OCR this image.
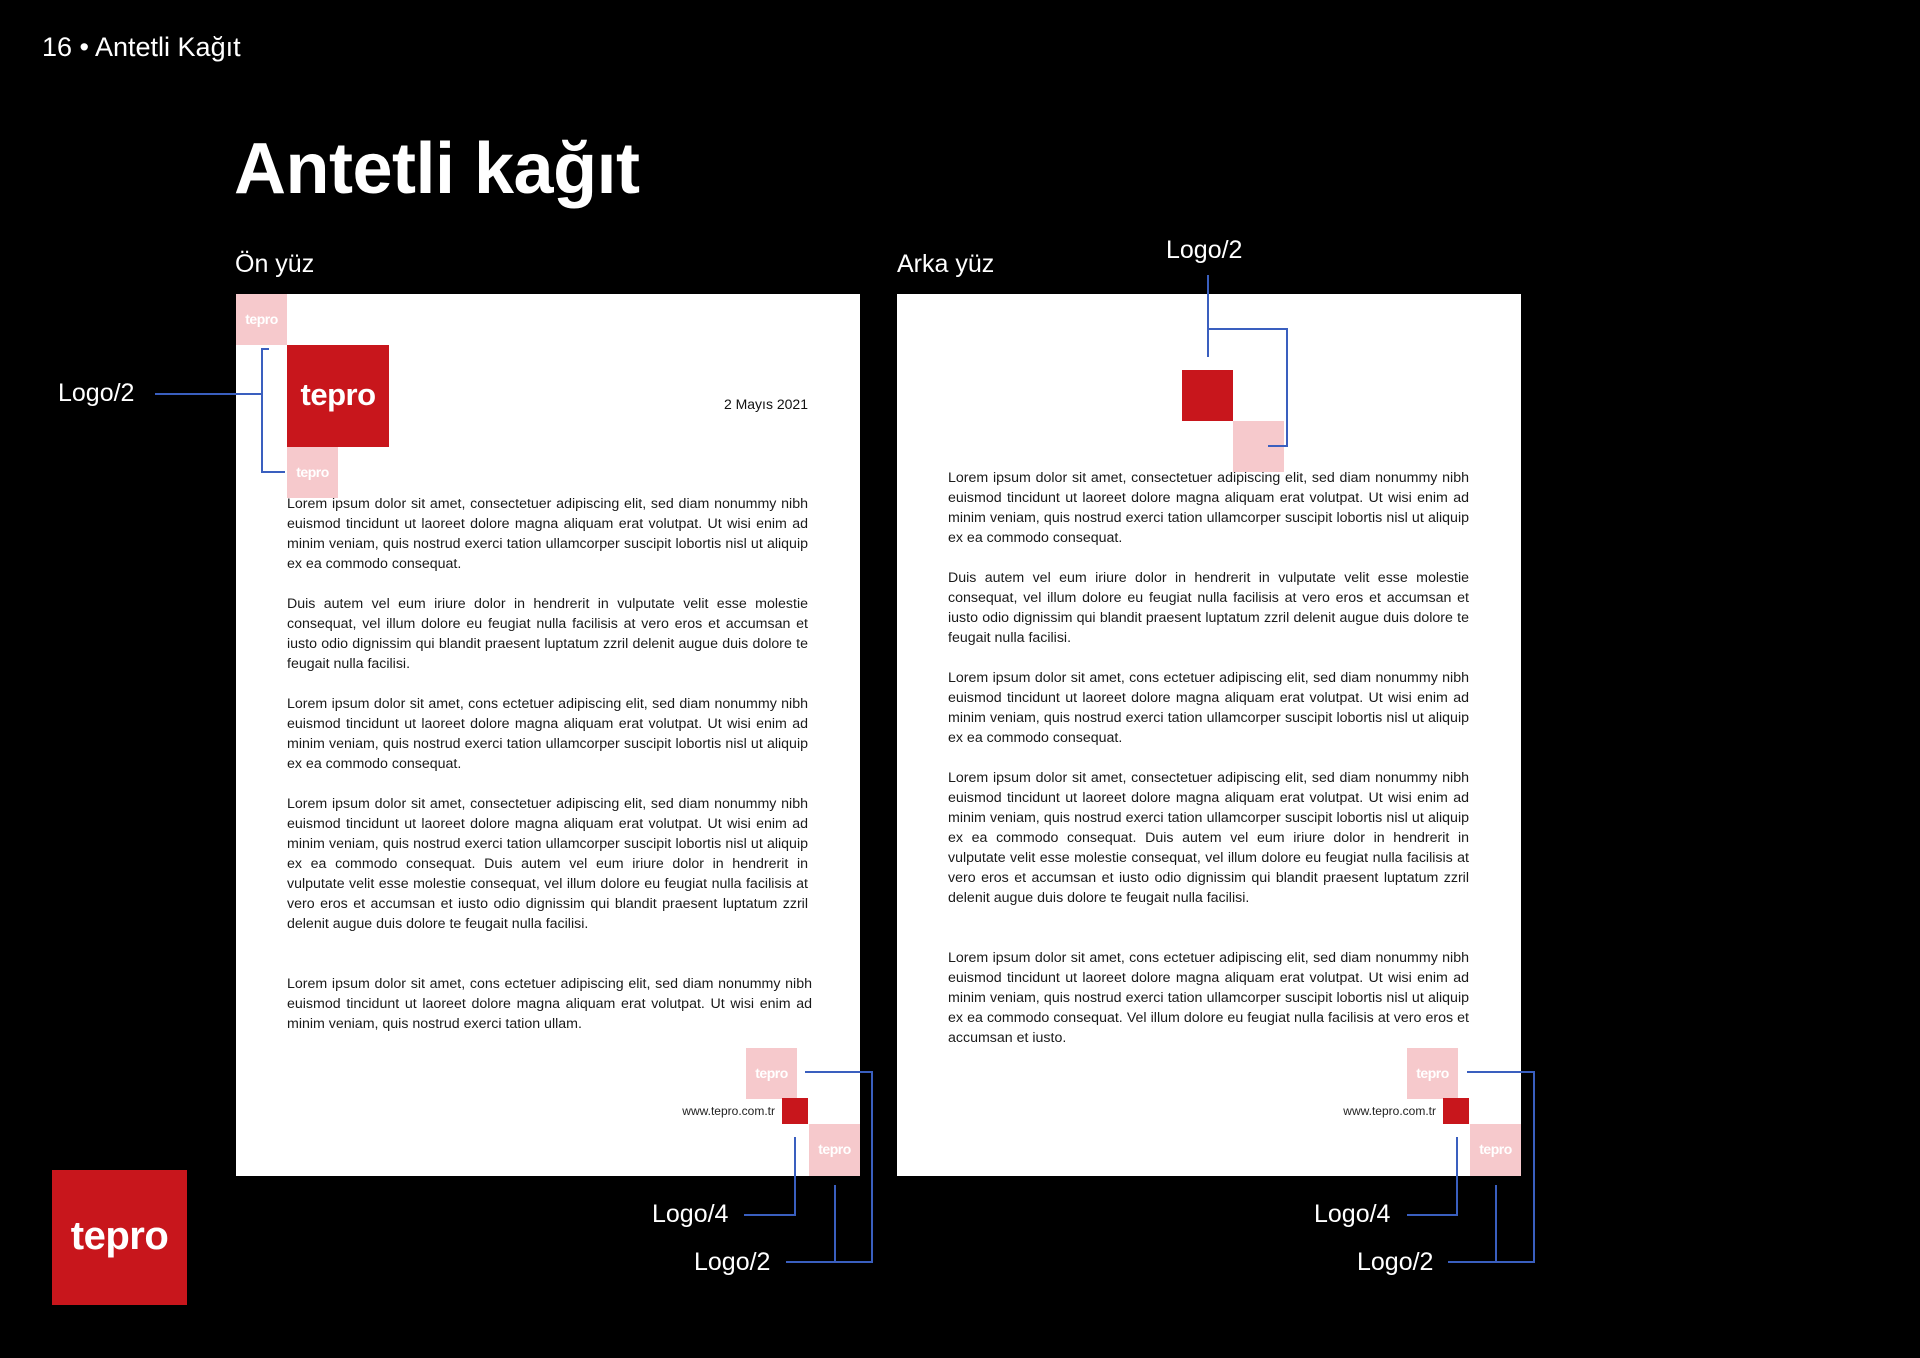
16 • Antetli Kağıt
Antetli kağıt
Ön yüz	Arka yüz
tepro
tepro
tepro
2 Mayıs 2021

Lorem ipsum dolor sit amet, consectetuer adipiscing elit, sed diam nonummy nibh euismod tincidunt ut laoreet dolore magna aliquam erat volutpat. Ut wisi enim ad minim veniam, quis nostrud exerci tation ullamcorper suscipit lobortis nisl ut aliquip ex ea commodo consequat.

Duis autem vel eum iriure dolor in hendrerit in vulputate velit esse molestie consequat, vel illum dolore eu feugiat nulla facilisis at vero eros et accumsan et iusto odio dignissim qui blandit praesent luptatum zzril delenit augue duis dolore te feugait nulla facilisi.

Lorem ipsum dolor sit amet, cons ectetuer adipiscing elit, sed diam nonummy nibh euismod tincidunt ut laoreet dolore magna aliquam erat volutpat. Ut wisi enim ad minim veniam, quis nostrud exerci tation ullamcorper suscipit lobortis nisl ut aliquip ex ea commodo consequat.

Lorem ipsum dolor sit amet, consectetuer adipiscing elit, sed diam nonummy nibh euismod tincidunt ut laoreet dolore magna aliquam erat volutpat. Ut wisi enim ad minim veniam, quis nostrud exerci tation ullamcorper suscipit lobortis nisl ut aliquip ex ea commodo consequat. Duis autem vel eum iriure dolor in hendrerit in vulputate velit esse molestie consequat, vel illum dolore eu feugiat nulla facilisis at vero eros et accumsan et iusto odio dignissim qui blandit praesent luptatum zzril delenit augue duis dolore te feugait nulla facilisi.

Lorem ipsum dolor sit amet, cons ectetuer adipiscing elit, sed diam nonummy nibh euismod tincidunt ut laoreet dolore magna aliquam erat volutpat. Ut wisi enim ad minim veniam, quis nostrud exerci tation ullam.

tepro
www.tepro.com.tr
tepro

Lorem ipsum dolor sit amet, consectetuer adipiscing elit, sed diam nonummy nibh euismod tincidunt ut laoreet dolore magna aliquam erat volutpat. Ut wisi enim ad minim veniam, quis nostrud exerci tation ullamcorper suscipit lobortis nisl ut aliquip ex ea commodo consequat.

Duis autem vel eum iriure dolor in hendrerit in vulputate velit esse molestie consequat, vel illum dolore eu feugiat nulla facilisis at vero eros et accumsan et iusto odio dignissim qui blandit praesent luptatum zzril delenit augue duis dolore te feugait nulla facilisi.

Lorem ipsum dolor sit amet, cons ectetuer adipiscing elit, sed diam nonummy nibh euismod tincidunt ut laoreet dolore magna aliquam erat volutpat. Ut wisi enim ad minim veniam, quis nostrud exerci tation ullamcorper suscipit lobortis nisl ut aliquip ex ea commodo consequat.

Lorem ipsum dolor sit amet, consectetuer adipiscing elit, sed diam nonummy nibh euismod tincidunt ut laoreet dolore magna aliquam erat volutpat. Ut wisi enim ad minim veniam, quis nostrud exerci tation ullamcorper suscipit lobortis nisl ut aliquip ex ea commodo consequat. Duis autem vel eum iriure dolor in hendrerit in vulputate velit esse molestie consequat, vel illum dolore eu feugiat nulla facilisis at vero eros et accumsan et iusto odio dignissim qui blandit praesent luptatum zzril delenit augue duis dolore te feugait nulla facilisi.

Lorem ipsum dolor sit amet, cons ectetuer adipiscing elit, sed diam nonummy nibh euismod tincidunt ut laoreet dolore magna aliquam erat volutpat. Ut wisi enim ad minim veniam, quis nostrud exerci tation ullamcorper suscipit lobortis nisl ut aliquip ex ea commodo consequat. Vel illum dolore eu feugiat nulla facilisis at vero eros et accumsan et iusto.

tepro
www.tepro.com.tr
tepro
Logo/2
Logo/4
Logo/2
Logo/2
Logo/4
Logo/2
tepro
